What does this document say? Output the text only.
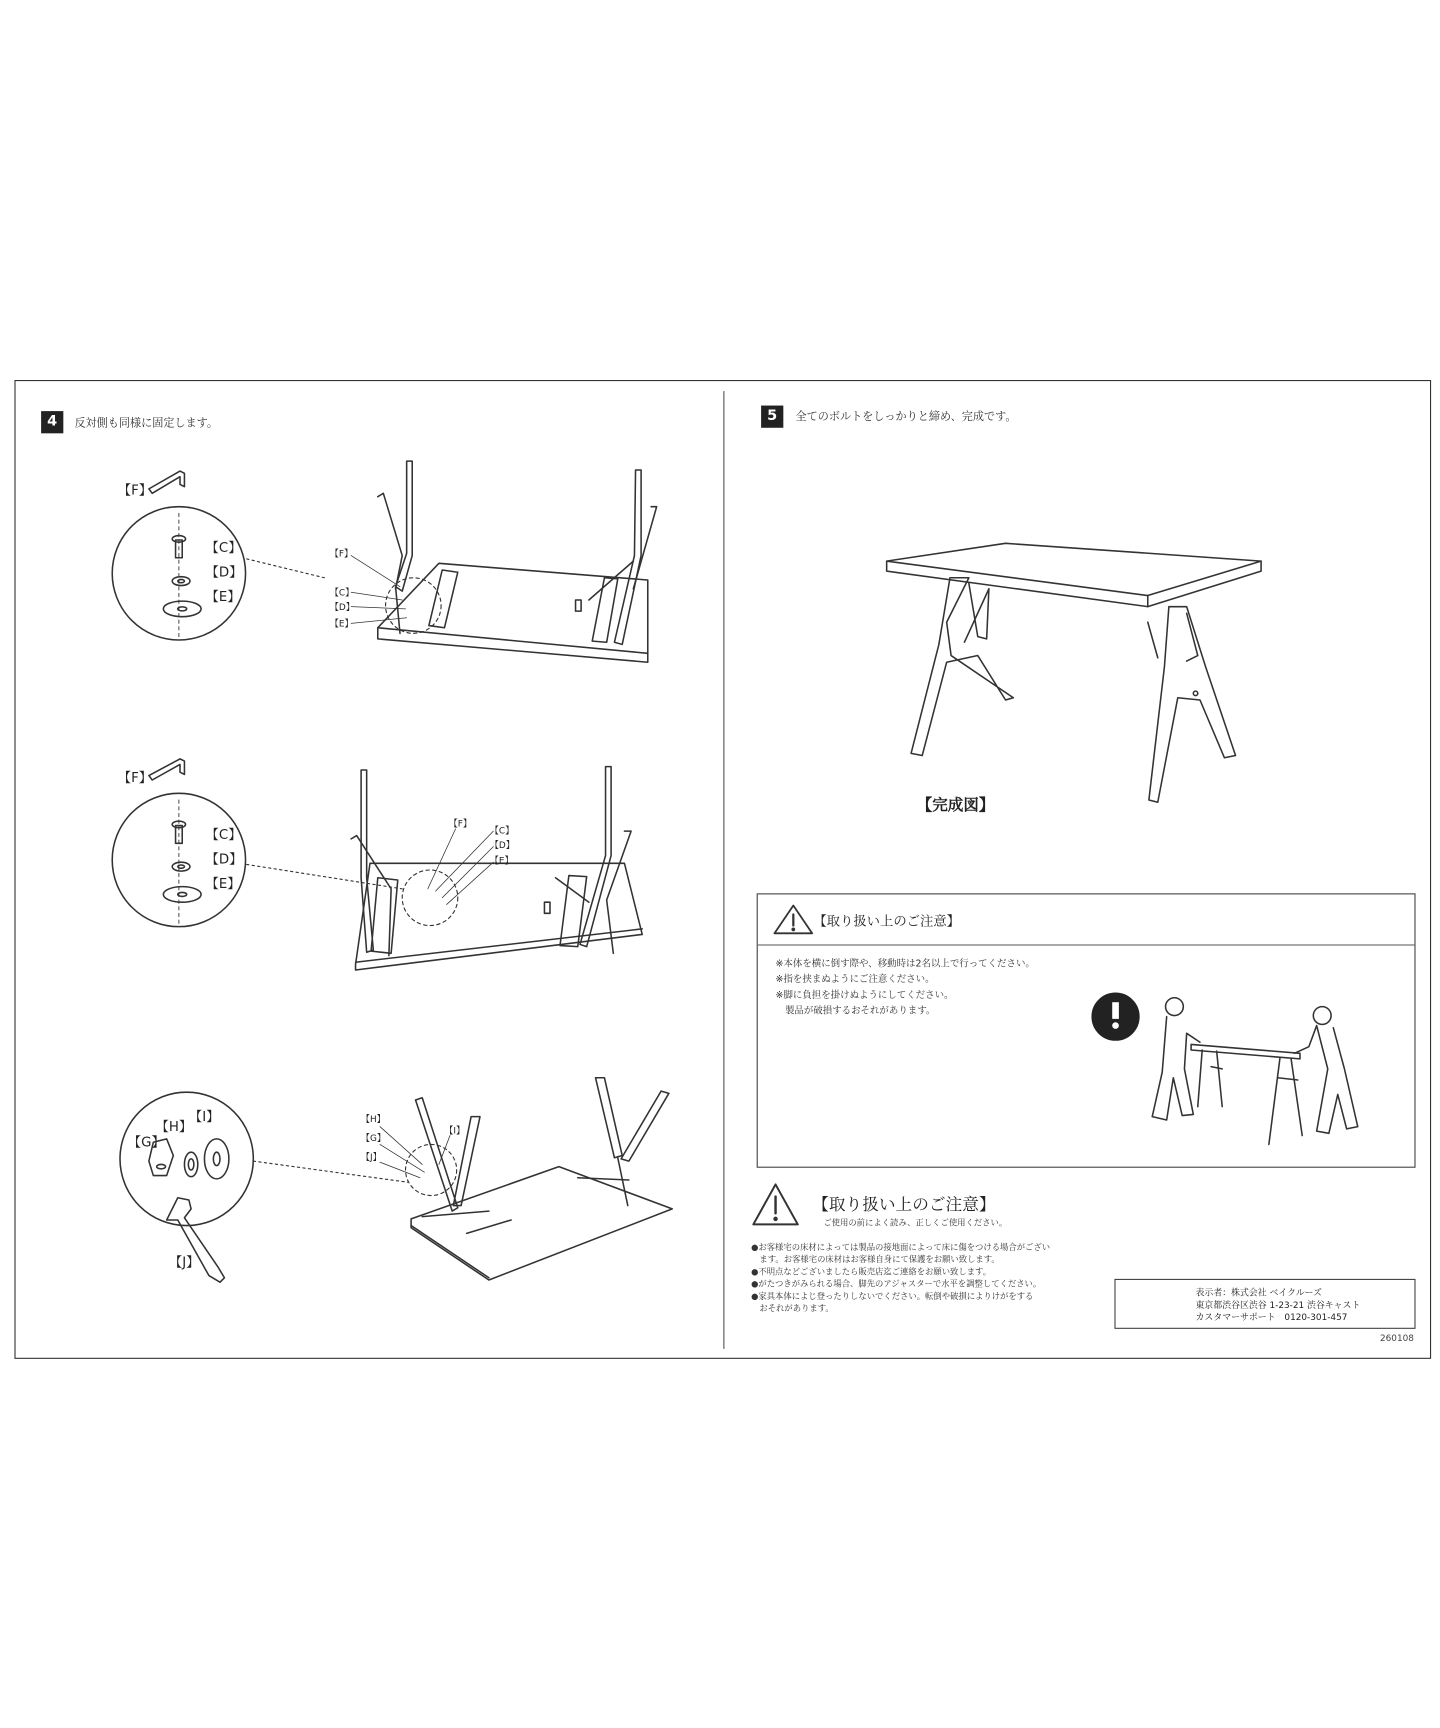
4	反対側も同様に固定します。	5	全てのボルトをしっかりと締め、完成です。
【F】
【C】
【D】
【E】
【F】
【C】
【D】
【E】
【F】
【C】
【D】
【E】
【F】
【C】
【D】
【E】
【G】
【H】
【I】
【J】
【H】
【G】
【J】
【I】
【完成図】
【取り扱い上のご注意】
※本体を横に倒す際や、移動時は2名以上で行ってください。
※指を挟まぬようにご注意ください。
※脚に負担を掛けぬようにしてください。
　製品が破損するおそれがあります。
【取り扱い上のご注意】
ご使用の前によく読み、正しくご使用ください。
●お客様宅の床材によっては製品の接地面によって床に傷をつける場合がござい
　ます。お客様宅の床材はお客様自身にて保護をお願い致します。
●不明点などございましたら販売店迄ご連絡をお願い致します。
●がたつきがみられる場合、脚先のアジャスターで水平を調整してください。
●家具本体によじ登ったりしないでください。転倒や破損によりけがをする
　おそれがあります。
表示者：株式会社 ベイクルーズ
東京都渋谷区渋谷 1-23-21 渋谷キャスト
カスタマーサポート　0120-301-457
260108
